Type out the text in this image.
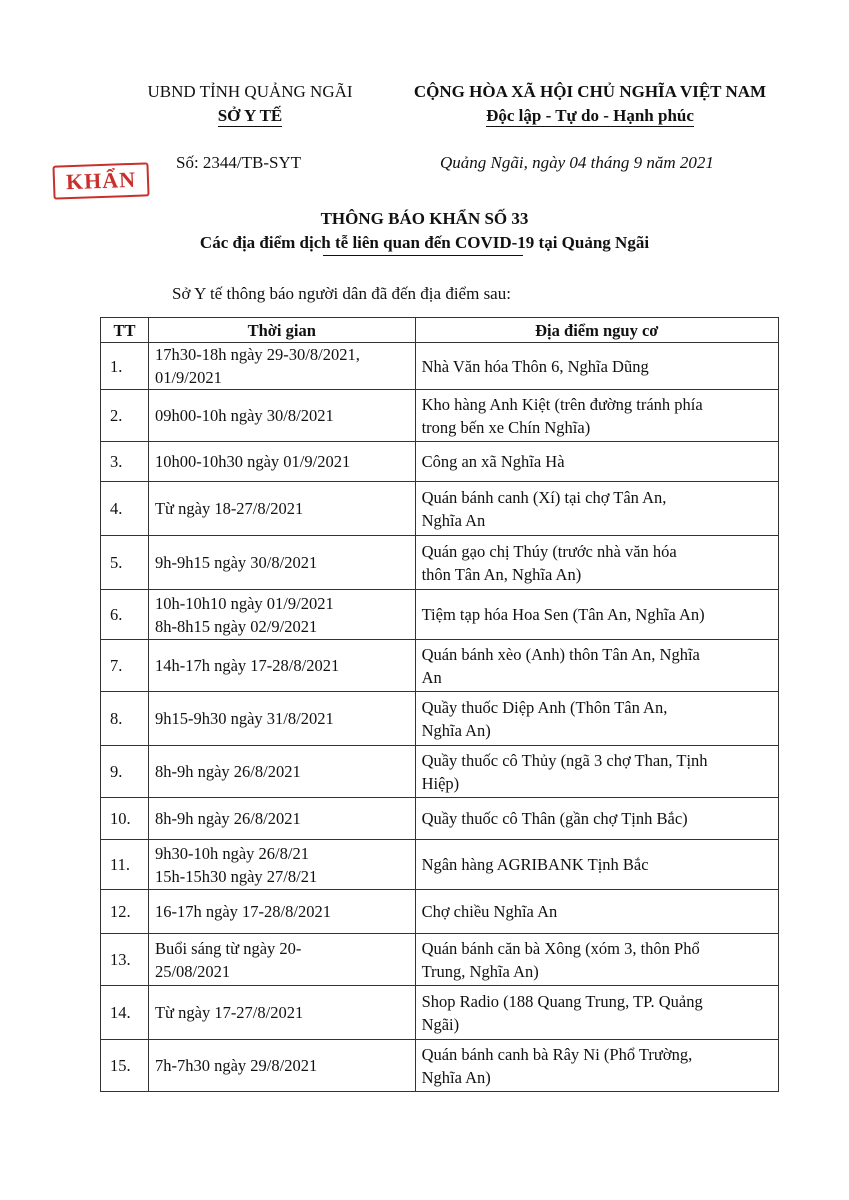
UBND TỈNH QUẢNG NGÃI
SỞ Y TẾ
CỘNG HÒA XÃ HỘI CHỦ NGHĨA VIỆT NAM
Độc lập - Tự do - Hạnh phúc
KHẨN
Số: 2344/TB-SYT	Quảng Ngãi, ngày 04 tháng 9 năm 2021
THÔNG BÁO KHẨN SỐ 33
Các địa điểm dịch tễ liên quan đến COVID-19 tại Quảng Ngãi
Sở Y tế thông báo người dân đã đến địa điểm sau:
TT	Thời gian	Địa điểm nguy cơ
1.	17h30-18h ngày 29-30/8/2021,
01/9/2021	Nhà Văn hóa Thôn 6, Nghĩa Dũng

2.	09h00-10h ngày 30/8/2021	Kho hàng Anh Kiệt (trên đường tránh phía
trong bến xe Chín Nghĩa)

3.	10h00-10h30 ngày 01/9/2021	Công an xã Nghĩa Hà

4.	Từ ngày 18-27/8/2021	Quán bánh canh (Xí) tại chợ Tân An,
Nghĩa An

5.	9h-9h15 ngày 30/8/2021	Quán gạo chị Thúy (trước nhà văn hóa
thôn Tân An, Nghĩa An)

6.	10h-10h10 ngày 01/9/2021
8h-8h15 ngày 02/9/2021	Tiệm tạp hóa Hoa Sen (Tân An, Nghĩa An)

7.	14h-17h ngày 17-28/8/2021	Quán bánh xèo (Anh) thôn Tân An, Nghĩa
An

8.	9h15-9h30 ngày 31/8/2021	Quầy thuốc Diệp Anh (Thôn Tân An,
Nghĩa An)

9.	8h-9h ngày 26/8/2021	Quầy thuốc cô Thủy (ngã 3 chợ Than, Tịnh
Hiệp)

10.	8h-9h ngày 26/8/2021	Quầy thuốc cô Thân (gần chợ Tịnh Bắc)

11.	9h30-10h ngày 26/8/21
15h-15h30 ngày 27/8/21	Ngân hàng AGRIBANK Tịnh Bắc

12.	16-17h ngày 17-28/8/2021	Chợ chiều Nghĩa An

13.	Buổi sáng từ ngày 20-
25/08/2021	Quán bánh căn bà Xông (xóm 3, thôn Phổ
Trung, Nghĩa An)

14.	Từ ngày 17-27/8/2021	Shop Radio (188 Quang Trung, TP. Quảng
Ngãi)

15.	7h-7h30 ngày 29/8/2021	Quán bánh canh bà Rây Ni (Phổ Trường,
Nghĩa An)
